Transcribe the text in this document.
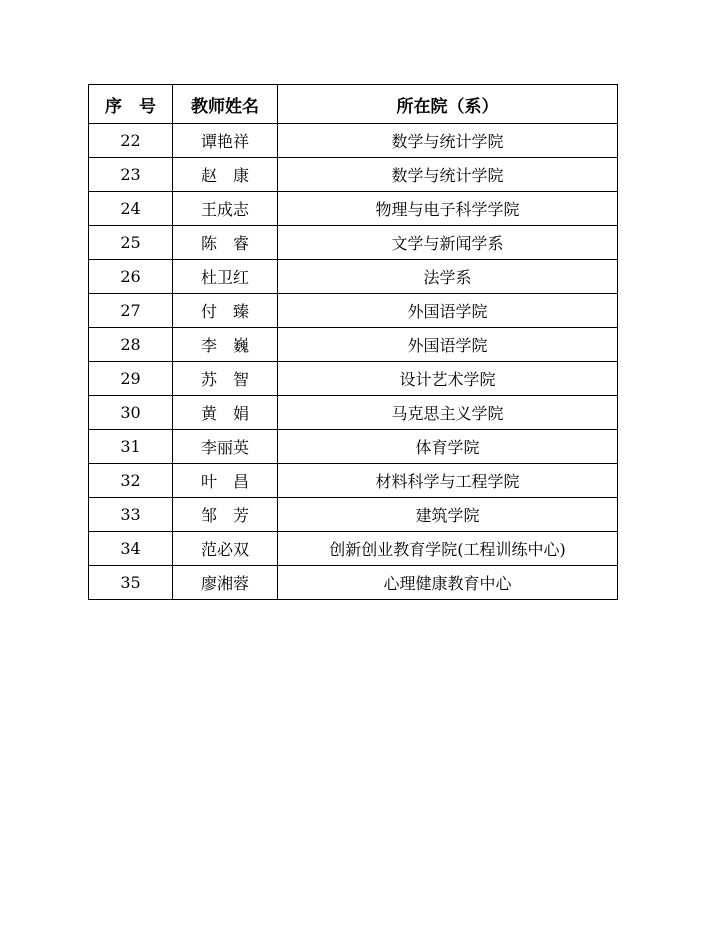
序　号	教师姓名	所在院（系）
22	谭艳祥	数学与统计学院
23	赵　康	数学与统计学院
24	王成志	物理与电子科学学院
25	陈　睿	文学与新闻学系
26	杜卫红	法学系
27	付　臻	外国语学院
28	李　巍	外国语学院
29	苏　智	设计艺术学院
30	黄　娟	马克思主义学院
31	李丽英	体育学院
32	叶　昌	材料科学与工程学院
33	邹　芳	建筑学院
34	范必双	创新创业教育学院(工程训练中心)
35	廖湘蓉	心理健康教育中心
